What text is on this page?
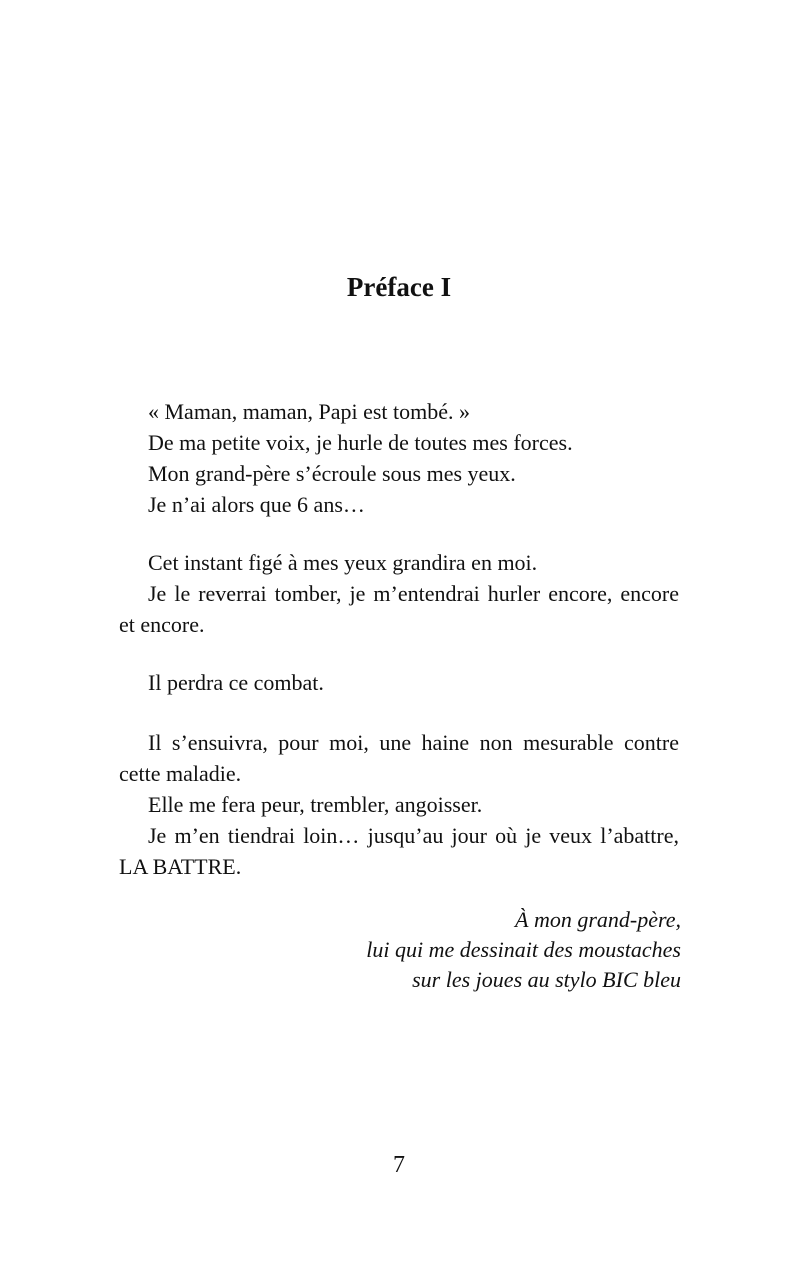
Préface I

« Maman, maman, Papi est tombé. »

De ma petite voix, je hurle de toutes mes forces.

Mon grand-père s’écroule sous mes yeux.

Je n’ai alors que 6 ans…

Cet instant figé à mes yeux grandira en moi.

Je le reverrai tomber, je m’entendrai hurler encore, encore et encore.

Il perdra ce combat.

Il s’ensuivra, pour moi, une haine non mesurable contre cette maladie.

Elle me fera peur, trembler, angoisser.

Je m’en tiendrai loin… jusqu’au jour où je veux l’abattre, LA BATTRE.

À mon grand-père,
lui qui me dessinait des moustaches
sur les joues au stylo BIC bleu
7
